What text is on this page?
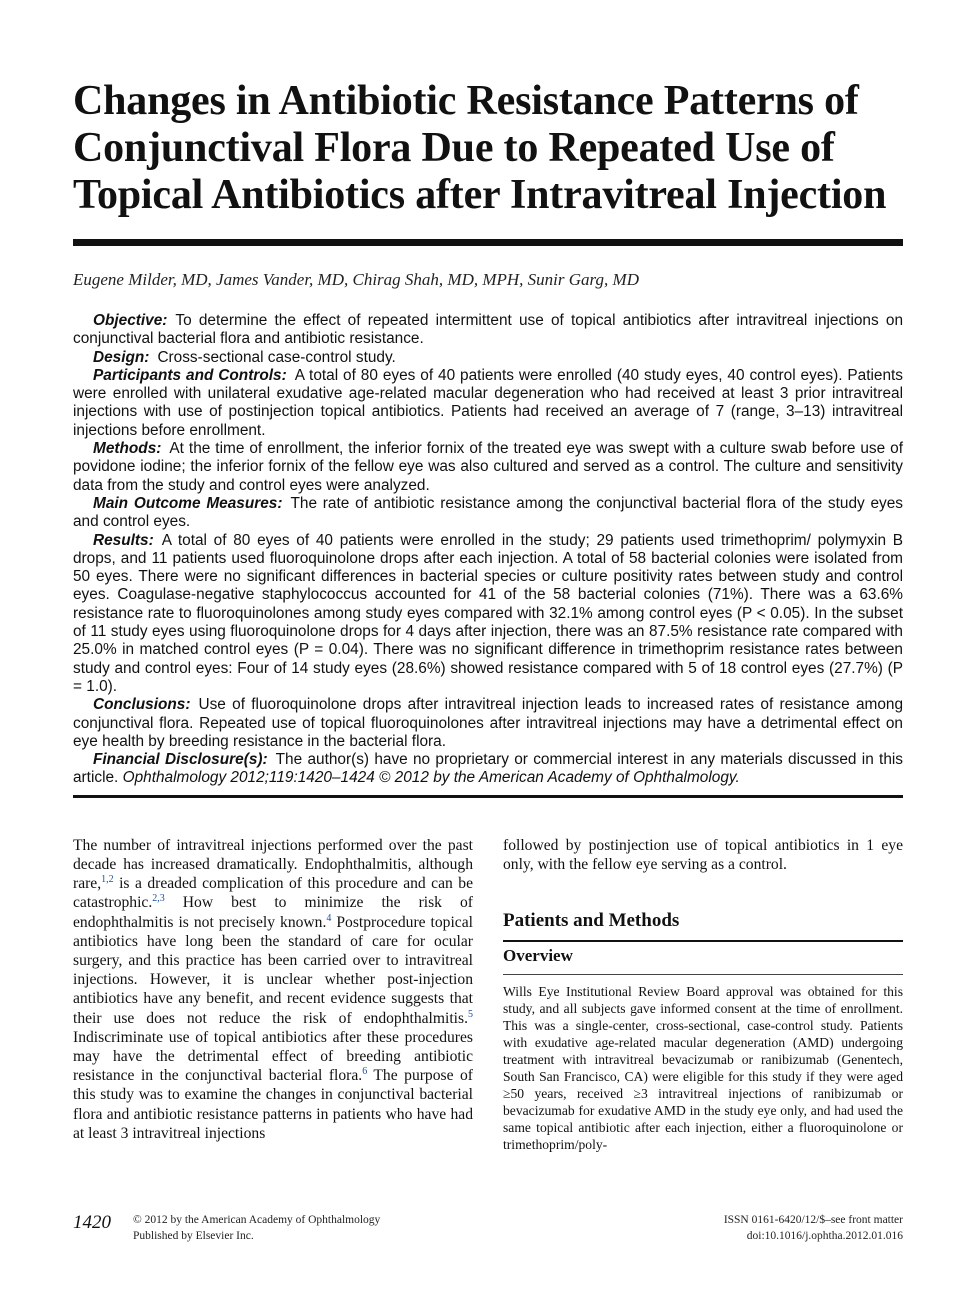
Changes in Antibiotic Resistance Patterns of Conjunctival Flora Due to Repeated Use of Topical Antibiotics after Intravitreal Injection
Eugene Milder, MD, James Vander, MD, Chirag Shah, MD, MPH, Sunir Garg, MD

Objective: To determine the effect of repeated intermittent use of topical antibiotics after intravitreal injections on conjunctival bacterial flora and antibiotic resistance.

Design: Cross-sectional case-control study.

Participants and Controls: A total of 80 eyes of 40 patients were enrolled (40 study eyes, 40 control eyes). Patients were enrolled with unilateral exudative age-related macular degeneration who had received at least 3 prior intravitreal injections with use of postinjection topical antibiotics. Patients had received an average of 7 (range, 3–13) intravitreal injections before enrollment.

Methods: At the time of enrollment, the inferior fornix of the treated eye was swept with a culture swab before use of povidone iodine; the inferior fornix of the fellow eye was also cultured and served as a control. The culture and sensitivity data from the study and control eyes were analyzed.

Main Outcome Measures: The rate of antibiotic resistance among the conjunctival bacterial flora of the study eyes and control eyes.

Results: A total of 80 eyes of 40 patients were enrolled in the study; 29 patients used trimethoprim/ polymyxin B drops, and 11 patients used fluoroquinolone drops after each injection. A total of 58 bacterial colonies were isolated from 50 eyes. There were no significant differences in bacterial species or culture positivity rates between study and control eyes. Coagulase-negative staphylococcus accounted for 41 of the 58 bacterial colonies (71%). There was a 63.6% resistance rate to fluoroquinolones among study eyes compared with 32.1% among control eyes (P < 0.05). In the subset of 11 study eyes using fluoroquinolone drops for 4 days after injection, there was an 87.5% resistance rate compared with 25.0% in matched control eyes (P = 0.04). There was no significant difference in trimethoprim resistance rates between study and control eyes: Four of 14 study eyes (28.6%) showed resistance compared with 5 of 18 control eyes (27.7%) (P = 1.0).

Conclusions: Use of fluoroquinolone drops after intravitreal injection leads to increased rates of resistance among conjunctival flora. Repeated use of topical fluoroquinolones after intravitreal injections may have a detrimental effect on eye health by breeding resistance in the bacterial flora.

Financial Disclosure(s): The author(s) have no proprietary or commercial interest in any materials discussed in this article. Ophthalmology 2012;119:1420–1424 © 2012 by the American Academy of Ophthalmology.

The number of intravitreal injections performed over the past decade has increased dramatically. Endophthalmitis, although rare,$^{1,2}$ is a dreaded complication of this procedure and can be catastrophic.$^{2,3}$ How best to minimize the risk of endophthalmitis is not precisely known.$^4$ Postprocedure topical antibiotics have long been the standard of care for ocular surgery, and this practice has been carried over to intravitreal injections. However, it is unclear whether post-injection antibiotics have any benefit, and recent evidence suggests that their use does not reduce the risk of endophthalmitis.$^5$ Indiscriminate use of topical antibiotics after these procedures may have the detrimental effect of breeding antibiotic resistance in the conjunctival bacterial flora.$^6$ The purpose of this study was to examine the changes in conjunctival bacterial flora and antibiotic resistance patterns in patients who have had at least 3 intravitreal injections

followed by postinjection use of topical antibiotics in 1 eye only, with the fellow eye serving as a control.

Patients and Methods
Overview

Wills Eye Institutional Review Board approval was obtained for this study, and all subjects gave informed consent at the time of enrollment. This was a single-center, cross-sectional, case-control study. Patients with exudative age-related macular degeneration (AMD) undergoing treatment with intravitreal bevacizumab or ranibizumab (Genentech, South San Francisco, CA) were eligible for this study if they were aged ≥50 years, received ≥3 intravitreal injections of ranibizumab or bevacizumab for exudative AMD in the study eye only, and had used the same topical antibiotic after each injection, either a fluoroquinolone or trimethoprim/poly-

1420	© 2012 by the American Academy of Ophthalmology
Published by Elsevier Inc.
ISSN 0161-6420/12/$–see front matter
doi:10.1016/j.ophtha.2012.01.016
